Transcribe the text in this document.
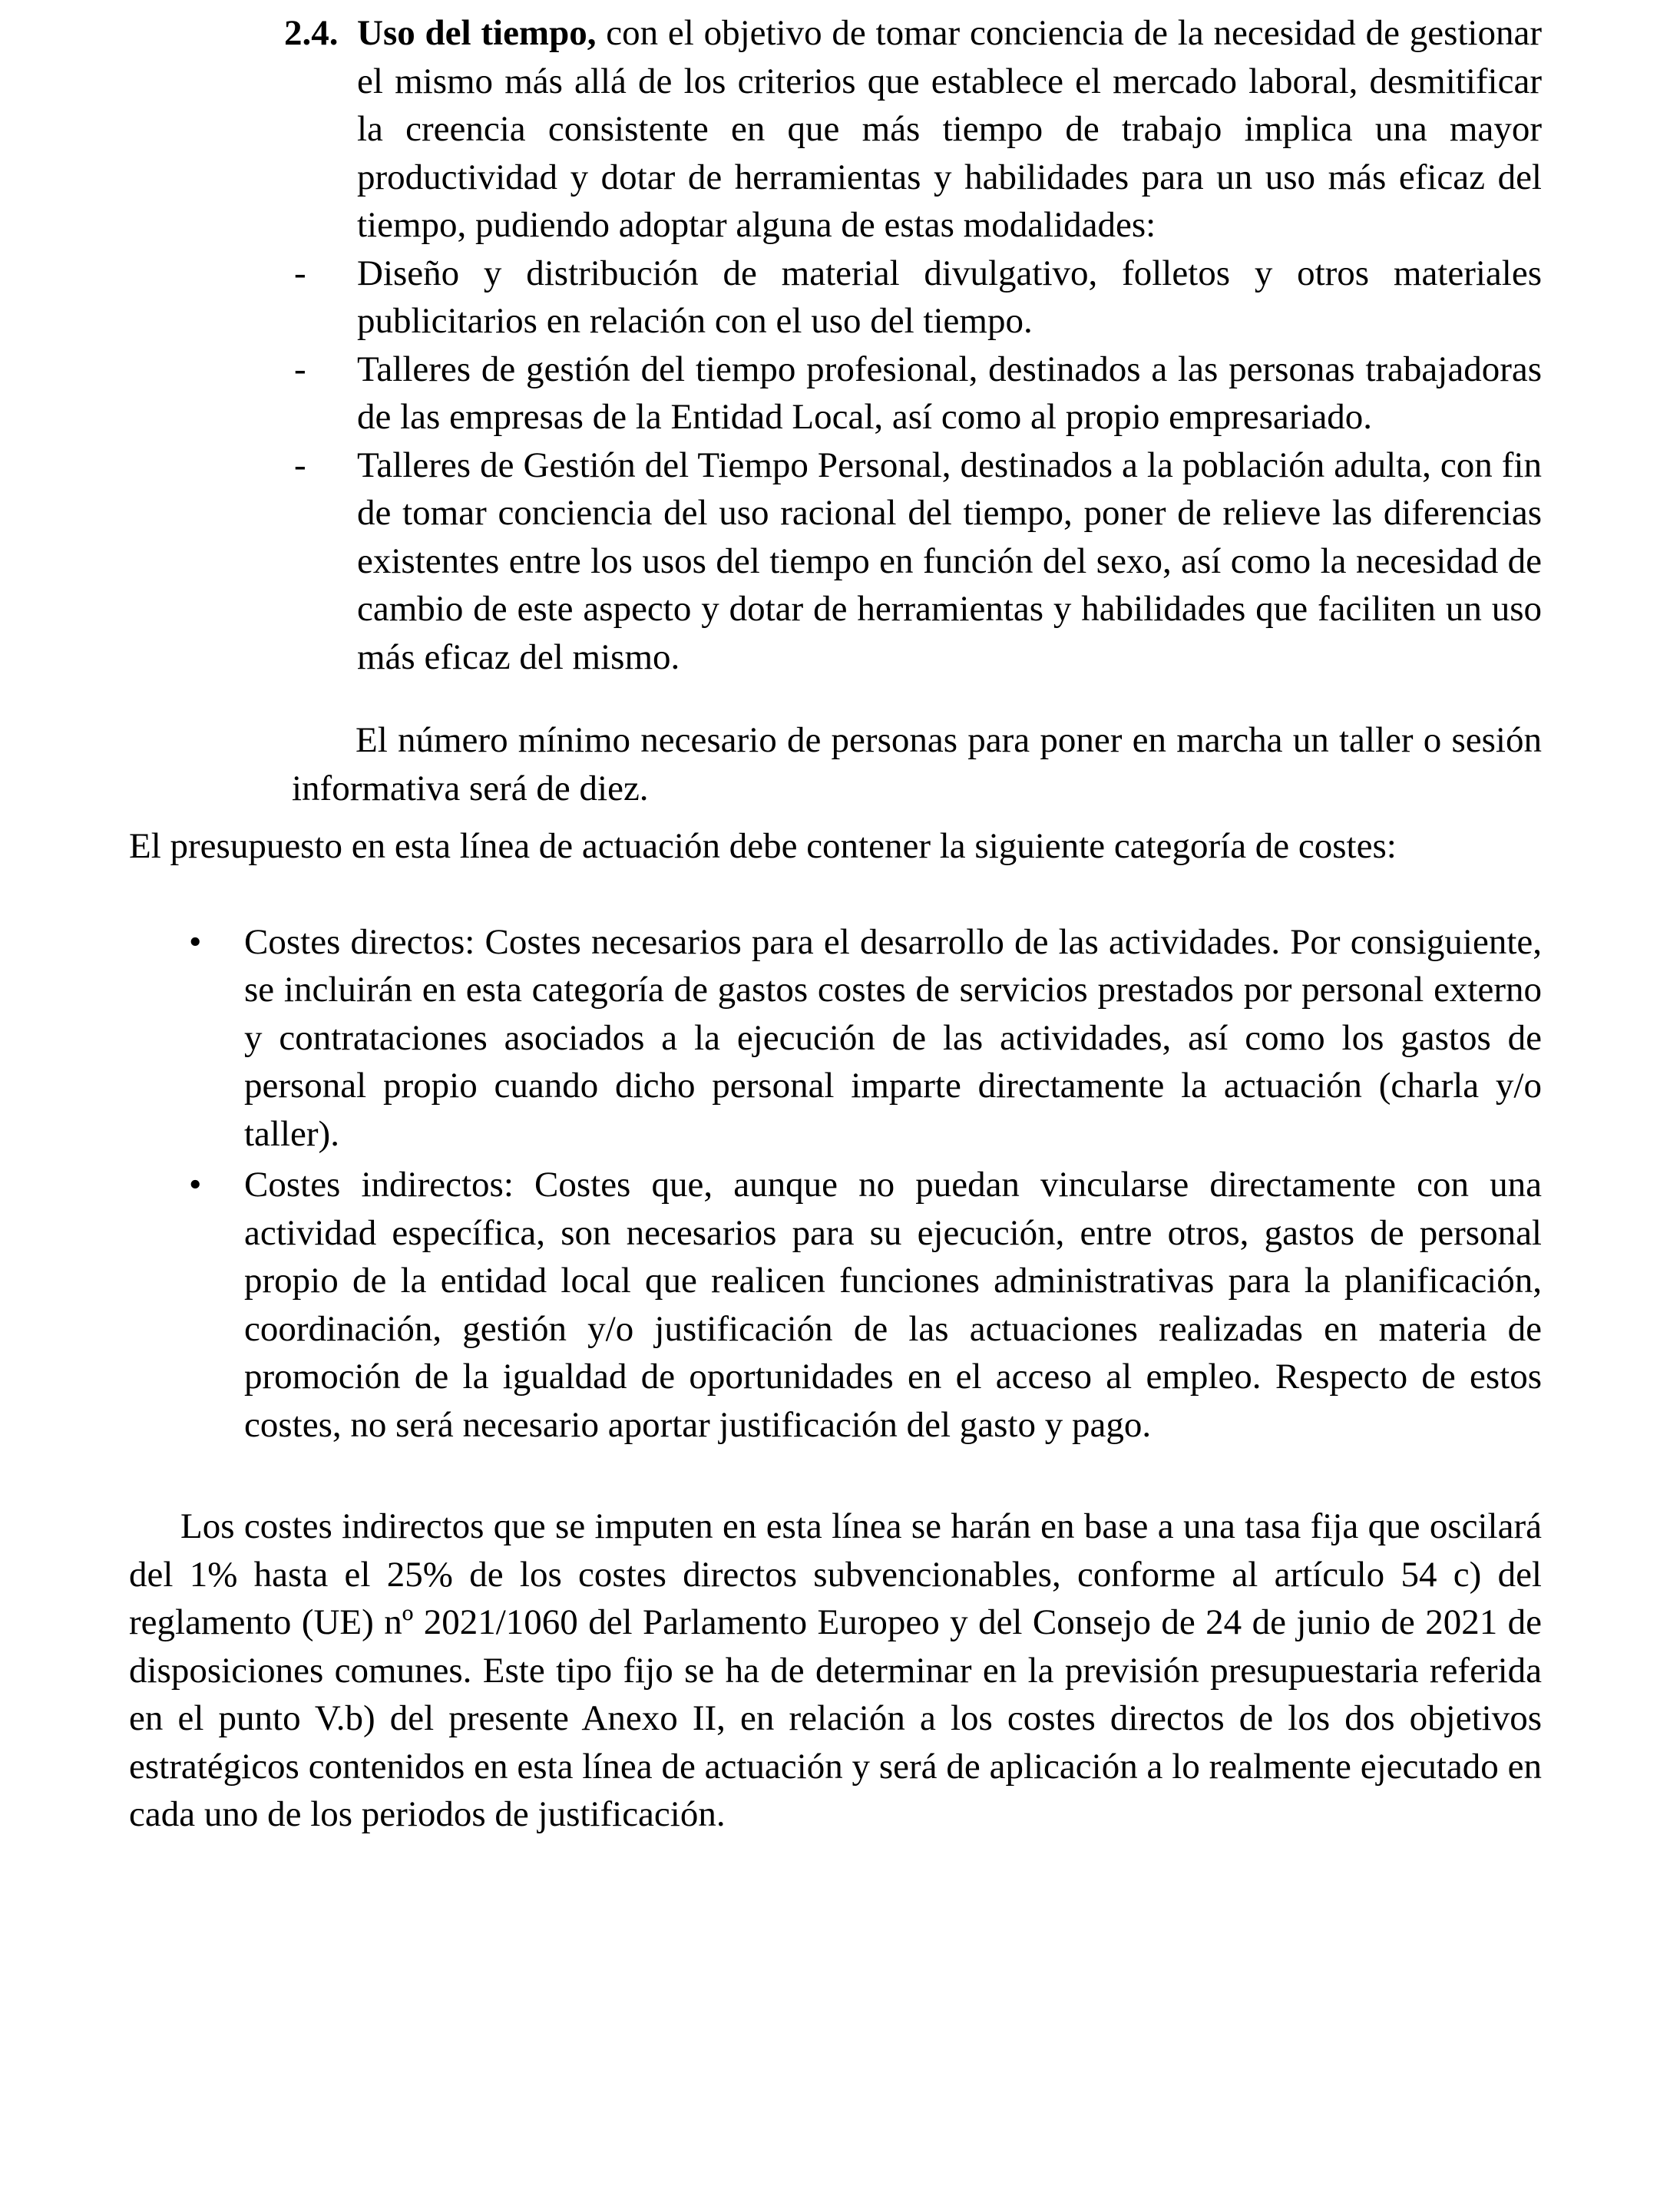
2.4. Uso del tiempo, con el objetivo de tomar conciencia de la necesidad de gestionar el mismo más allá de los criterios que establece el mercado laboral, desmitificar la creencia consistente en que más tiempo de trabajo implica una mayor productividad y dotar de herramientas y habilidades para un uso más eficaz del tiempo, pudiendo adoptar alguna de estas modalidades:
- Diseño y distribución de material divulgativo, folletos y otros materiales publicitarios en relación con el uso del tiempo.
- Talleres de gestión del tiempo profesional, destinados a las personas trabajadoras de las empresas de la Entidad Local, así como al propio empresariado.
- Talleres de Gestión del Tiempo Personal, destinados a la población adulta, con fin de tomar conciencia del uso racional del tiempo, poner de relieve las diferencias existentes entre los usos del tiempo en función del sexo, así como la necesidad de cambio de este aspecto y dotar de herramientas y habilidades que faciliten un uso más eficaz del mismo.
El número mínimo necesario de personas para poner en marcha un taller o sesión informativa será de diez.
El presupuesto en esta línea de actuación debe contener la siguiente categoría de costes:
• Costes directos: Costes necesarios para el desarrollo de las actividades. Por consiguiente, se incluirán en esta categoría de gastos costes de servicios prestados por personal externo y contrataciones asociados a la ejecución de las actividades, así como los gastos de personal propio cuando dicho personal imparte directamente la actuación (charla y/o taller).
• Costes indirectos: Costes que, aunque no puedan vincularse directamente con una actividad específica, son necesarios para su ejecución, entre otros, gastos de personal propio de la entidad local que realicen funciones administrativas para la planificación, coordinación, gestión y/o justificación de las actuaciones realizadas en materia de promoción de la igualdad de oportunidades en el acceso al empleo. Respecto de estos costes, no será necesario aportar justificación del gasto y pago.
Los costes indirectos que se imputen en esta línea se harán en base a una tasa fija que oscilará del 1% hasta el 25% de los costes directos subvencionables, conforme al artículo 54 c) del reglamento (UE) nº 2021/1060 del Parlamento Europeo y del Consejo de 24 de junio de 2021 de disposiciones comunes. Este tipo fijo se ha de determinar en la previsión presupuestaria referida en el punto V.b) del presente Anexo II, en relación a los costes directos de los dos objetivos estratégicos contenidos en esta línea de actuación y será de aplicación a lo realmente ejecutado en cada uno de los periodos de justificación.
